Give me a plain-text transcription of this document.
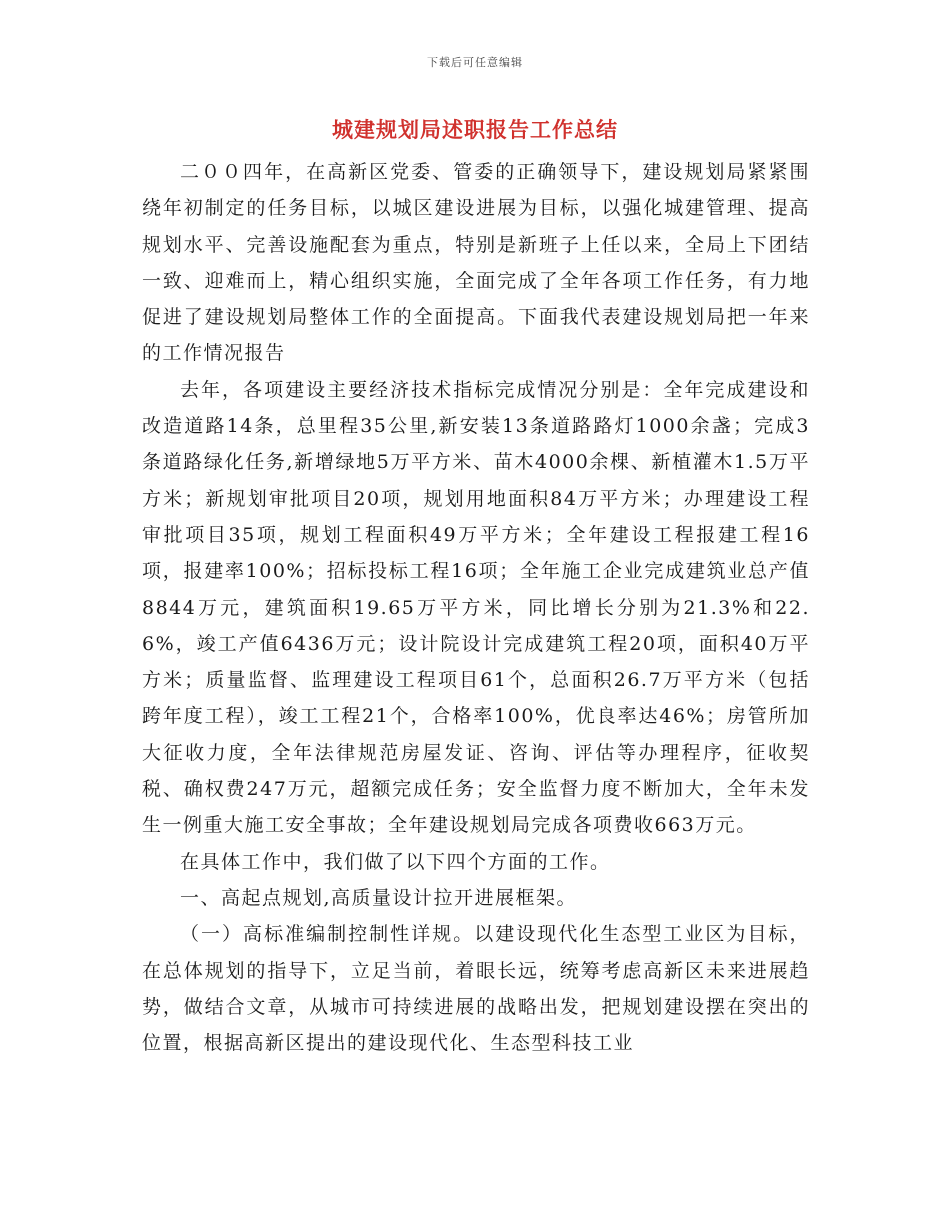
下载后可任意编辑
城建规划局述职报告工作总结

二００四年，在高新区党委、管委的正确领导下，建设规划局紧紧围绕年初制定的任务目标，以城区建设进展为目标，以强化城建管理、提高规划水平、完善设施配套为重点，特别是新班子上任以来，全局上下团结一致、迎难而上，精心组织实施，全面完成了全年各项工作任务，有力地促进了建设规划局整体工作的全面提高。下面我代表建设规划局把一年来的工作情况报告

去年，各项建设主要经济技术指标完成情况分别是：全年完成建设和改造道路14条，总里程35公里,新安装13条道路路灯1000余盏；完成3条道路绿化任务,新增绿地5万平方米、苗木4000余棵、新植灌木1.5万平方米；新规划审批项目20项，规划用地面积84万平方米；办理建设工程审批项目35项，规划工程面积49万平方米；全年建设工程报建工程16项，报建率100%；招标投标工程16项；全年施工企业完成建筑业总产值8844万元，建筑面积19.65万平方米，同比增长分别为21.3%和22.6%，竣工产值6436万元；设计院设计完成建筑工程20项，面积40万平方米；质量监督、监理建设工程项目61个，总面积26.7万平方米（包括跨年度工程），竣工工程21个，合格率100%，优良率达46%；房管所加大征收力度，全年法律规范房屋发证、咨询、评估等办理程序，征收契税、确权费247万元，超额完成任务；安全监督力度不断加大，全年未发生一例重大施工安全事故；全年建设规划局完成各项费收663万元。

在具体工作中，我们做了以下四个方面的工作。

一、高起点规划,高质量设计拉开进展框架。

（一）高标准编制控制性详规。以建设现代化生态型工业区为目标，在总体规划的指导下，立足当前，着眼长远，统筹考虑高新区未来进展趋势，做结合文章，从城市可持续进展的战略出发，把规划建设摆在突出的位置，根据高新区提出的建设现代化、生态型科技工业
